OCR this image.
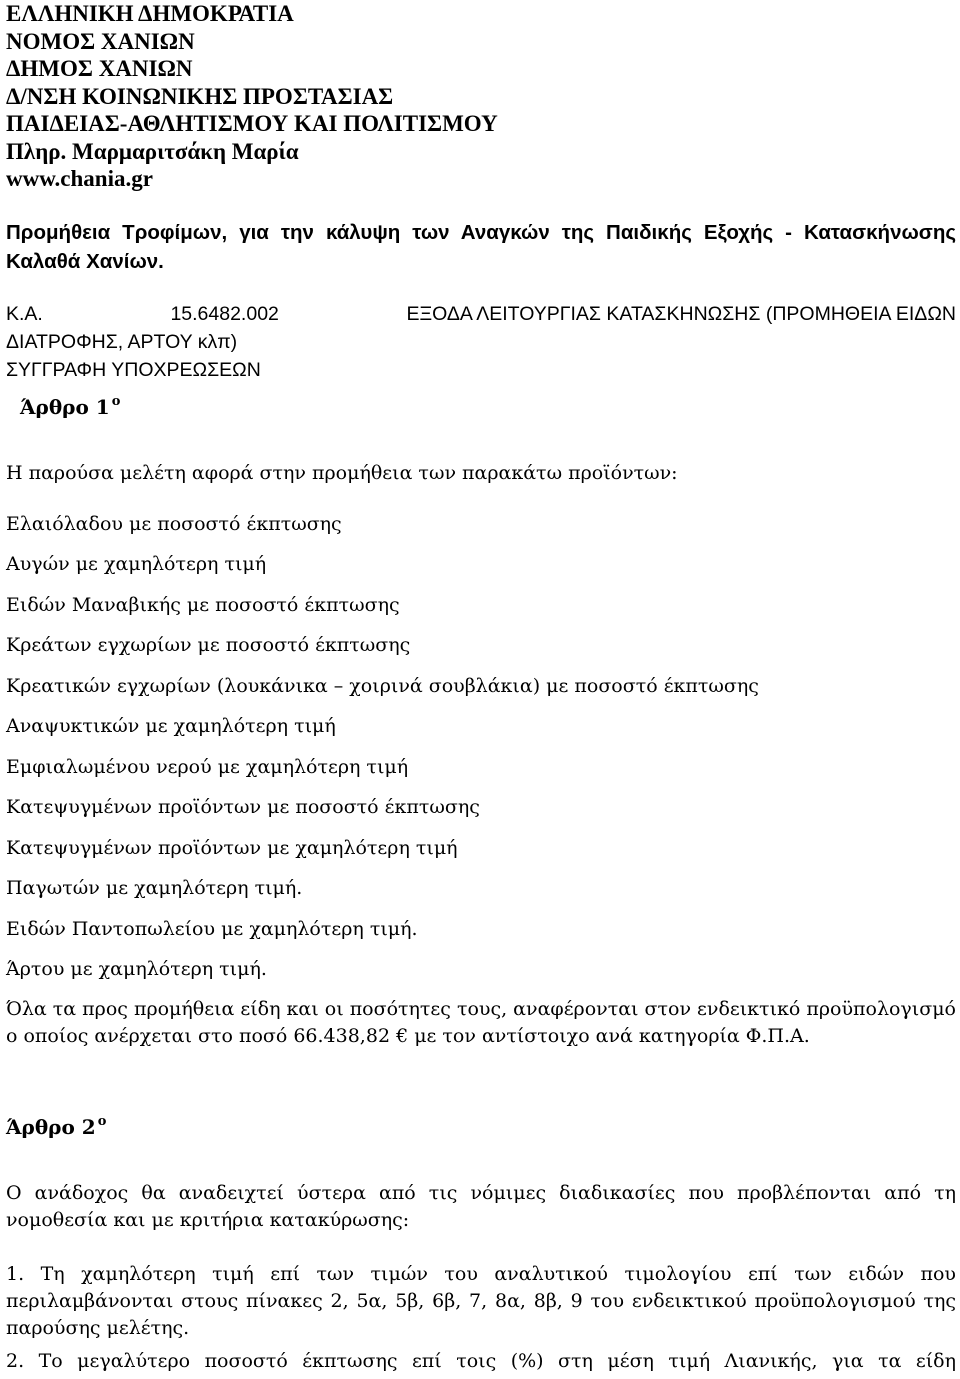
ΕΛΛΗΝΙΚΗ ΔΗΜΟΚΡΑΤΙΑ
ΝΟΜΟΣ ΧΑΝΙΩΝ
ΔΗΜΟΣ ΧΑΝΙΩΝ
Δ/ΝΣΗ ΚΟΙΝΩΝΙΚΗΣ ΠΡΟΣΤΑΣΙΑΣ
ΠΑΙΔΕΙΑΣ-ΑΘΛΗΤΙΣΜΟΥ ΚΑΙ ΠΟΛΙΤΙΣΜΟΥ
Πληρ. Μαρμαριτσάκη Μαρία
www.chania.gr
Προμήθεια Τροφίμων, για την κάλυψη των Αναγκών της Παιδικής Εξοχής - Κατασκήνωσης Καλαθά Χανίων.
Κ.Α.	15.6482.002	ΕΞΟΔΑ ΛΕΙΤΟΥΡΓΙΑΣ ΚΑΤΑΣΚΗΝΩΣΗΣ (ΠΡΟΜΗΘΕΙΑ ΕΙΔΩΝ
ΔΙΑΤΡΟΦΗΣ, ΑΡΤΟΥ κλπ)
ΣΥΓΓΡΑΦΗ ΥΠΟΧΡΕΩΣΕΩΝ
Άρθρο 1 $^o$
Η παρούσα μελέτη αφορά στην προμήθεια των παρακάτω προϊόντων:
Ελαιόλαδου με ποσοστό έκπτωσης
Αυγών με χαμηλότερη τιμή
Ειδών Μαναβικής με ποσοστό έκπτωσης
Κρεάτων εγχωρίων με ποσοστό έκπτωσης
Κρεατικών εγχωρίων (λουκάνικα – χοιρινά σουβλάκια) με ποσοστό έκπτωσης
Αναψυκτικών με χαμηλότερη τιμή
Εμφιαλωμένου νερού με χαμηλότερη τιμή
Κατεψυγμένων προϊόντων με ποσοστό έκπτωσης
Κατεψυγμένων προϊόντων με χαμηλότερη τιμή
Παγωτών με χαμηλότερη τιμή.
Ειδών Παντοπωλείου με χαμηλότερη τιμή.
Άρτου με χαμηλότερη τιμή.
Όλα τα προς προμήθεια είδη και οι ποσότητες τους, αναφέρονται στον ενδεικτικό προϋπολογισμό ο οποίος ανέρχεται στο ποσό 66.438,82 € με τον αντίστοιχο ανά κατηγορία Φ.Π.Α.
Άρθρο 2 $^o$
Ο ανάδοχος θα αναδειχτεί ύστερα από τις νόμιμες διαδικασίες που προβλέπονται από τη νομοθεσία και με κριτήρια κατακύρωσης:
1. Τη χαμηλότερη τιμή επί των τιμών του αναλυτικού τιμολογίου επί των ειδών που περιλαμβάνονται στους πίνακες 2, 5α, 5β, 6β, 7, 8α, 8β, 9 του ενδεικτικού προϋπολογισμού της παρούσης μελέτης.
2. Το μεγαλύτερο ποσοστό έκπτωσης επί τοις (%) στη μέση τιμή Λιανικής, για τα είδη
